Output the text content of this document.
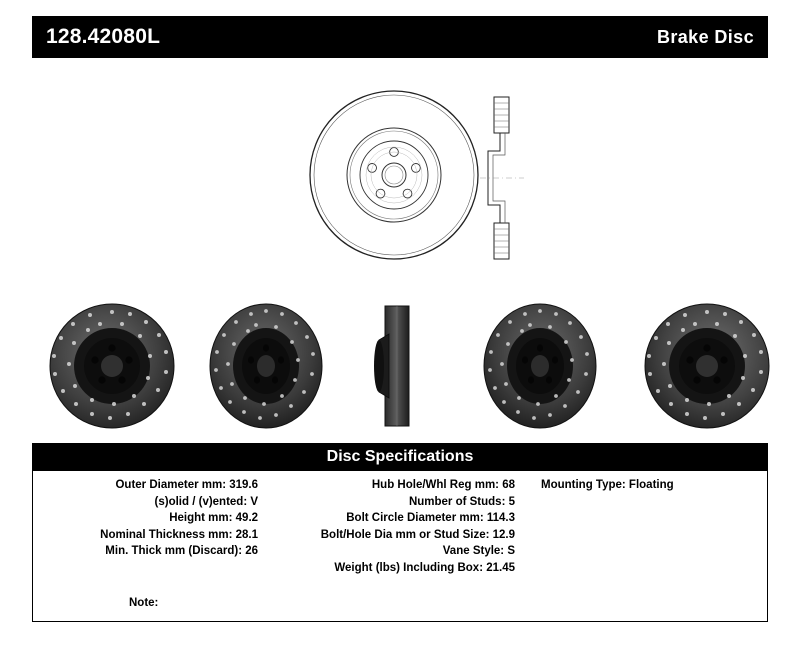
128.42080L	Brake Disc
Disc Specifications
Outer Diameter mm: 319.6
(s)olid / (v)ented: V
Height mm: 49.2
Nominal Thickness mm: 28.1
Min. Thick mm (Discard): 26
Hub Hole/Whl Reg mm: 68
Number of Studs: 5
Bolt Circle Diameter mm: 114.3
Bolt/Hole Dia mm or Stud Size: 12.9
Vane Style: S
Weight (lbs) Including Box: 21.45
Mounting Type: Floating
Note:
